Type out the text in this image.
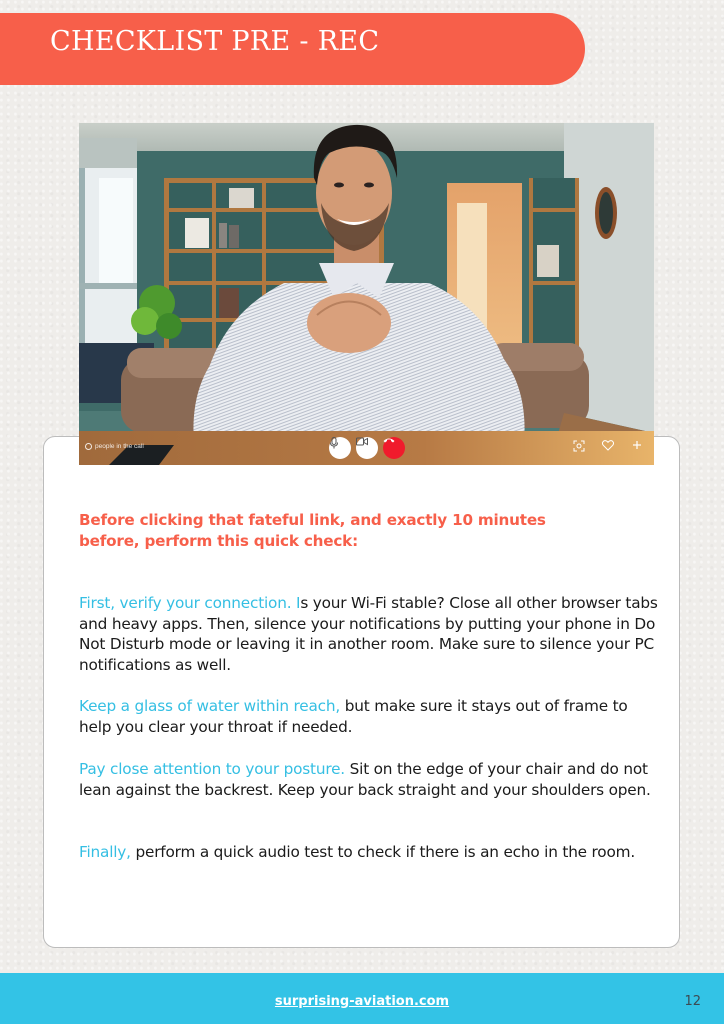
CHECKLIST PRE - REC
people in the call

Before clicking that fateful link, and exactly 10 minutes before, perform this quick check:

First, verify your connection. Is your Wi-Fi stable? Close all other browser tabs and heavy apps. Then, silence your notifications by putting your phone in Do Not Disturb mode or leaving it in another room. Make sure to silence your PC notifications as well.

Keep a glass of water within reach, but make sure it stays out of frame to help you clear your throat if needed.

Pay close attention to your posture. Sit on the edge of your chair and do not lean against the backrest. Keep your back straight and your shoulders open.

Finally, perform a quick audio test to check if there is an echo in the room.

surprising-aviation.com	12
